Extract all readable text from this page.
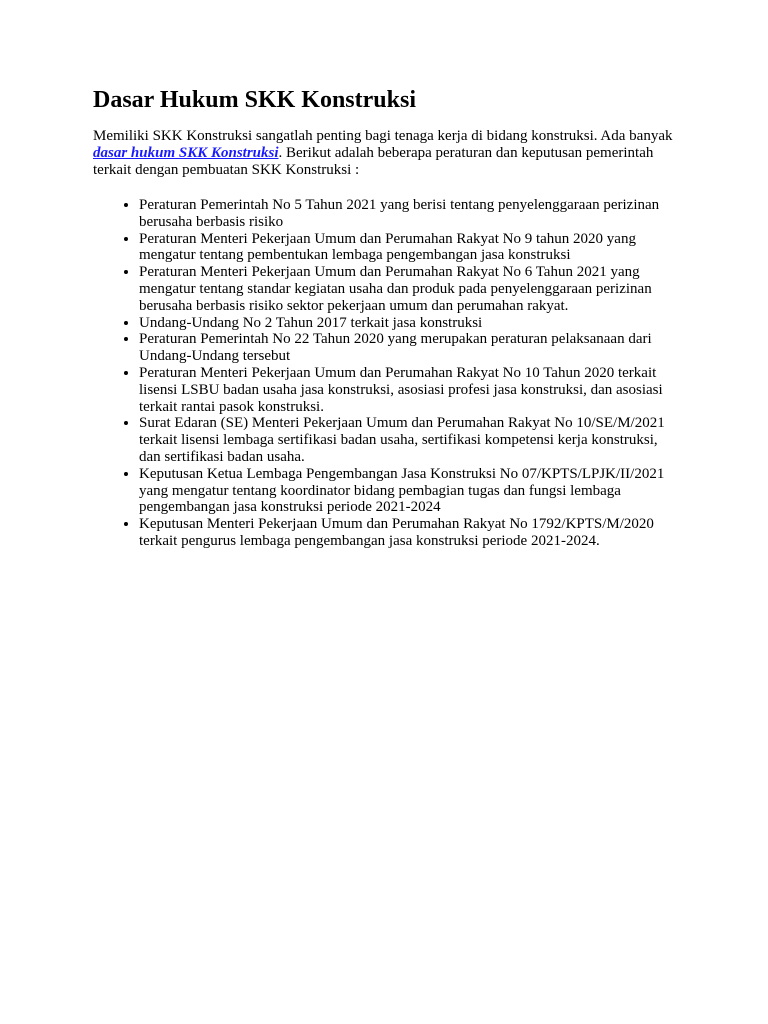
Dasar Hukum SKK Konstruksi

Memiliki SKK Konstruksi sangatlah penting bagi tenaga kerja di bidang konstruksi. Ada banyak dasar hukum SKK Konstruksi. Berikut adalah beberapa peraturan dan keputusan pemerintah terkait dengan pembuatan SKK Konstruksi :

• Peraturan Pemerintah No 5 Tahun 2021 yang berisi tentang penyelenggaraan perizinan berusaha berbasis risiko
• Peraturan Menteri Pekerjaan Umum dan Perumahan Rakyat No 9 tahun 2020 yang mengatur tentang pembentukan lembaga pengembangan jasa konstruksi
• Peraturan Menteri Pekerjaan Umum dan Perumahan Rakyat No 6 Tahun 2021 yang mengatur tentang standar kegiatan usaha dan produk pada penyelenggaraan perizinan berusaha berbasis risiko sektor pekerjaan umum dan perumahan rakyat.
• Undang-Undang No 2 Tahun 2017 terkait jasa konstruksi
• Peraturan Pemerintah No 22 Tahun 2020 yang merupakan peraturan pelaksanaan dari Undang-Undang tersebut
• Peraturan Menteri Pekerjaan Umum dan Perumahan Rakyat No 10 Tahun 2020 terkait lisensi LSBU badan usaha jasa konstruksi, asosiasi profesi jasa konstruksi, dan asosiasi terkait rantai pasok konstruksi.
• Surat Edaran (SE) Menteri Pekerjaan Umum dan Perumahan Rakyat No 10/SE/M/2021 terkait lisensi lembaga sertifikasi badan usaha, sertifikasi kompetensi kerja konstruksi, dan sertifikasi badan usaha.
• Keputusan Ketua Lembaga Pengembangan Jasa Konstruksi No 07/KPTS/LPJK/II/2021 yang mengatur tentang koordinator bidang pembagian tugas dan fungsi lembaga pengembangan jasa konstruksi periode 2021-2024
• Keputusan Menteri Pekerjaan Umum dan Perumahan Rakyat No 1792/KPTS/M/2020 terkait pengurus lembaga pengembangan jasa konstruksi periode 2021-2024.
